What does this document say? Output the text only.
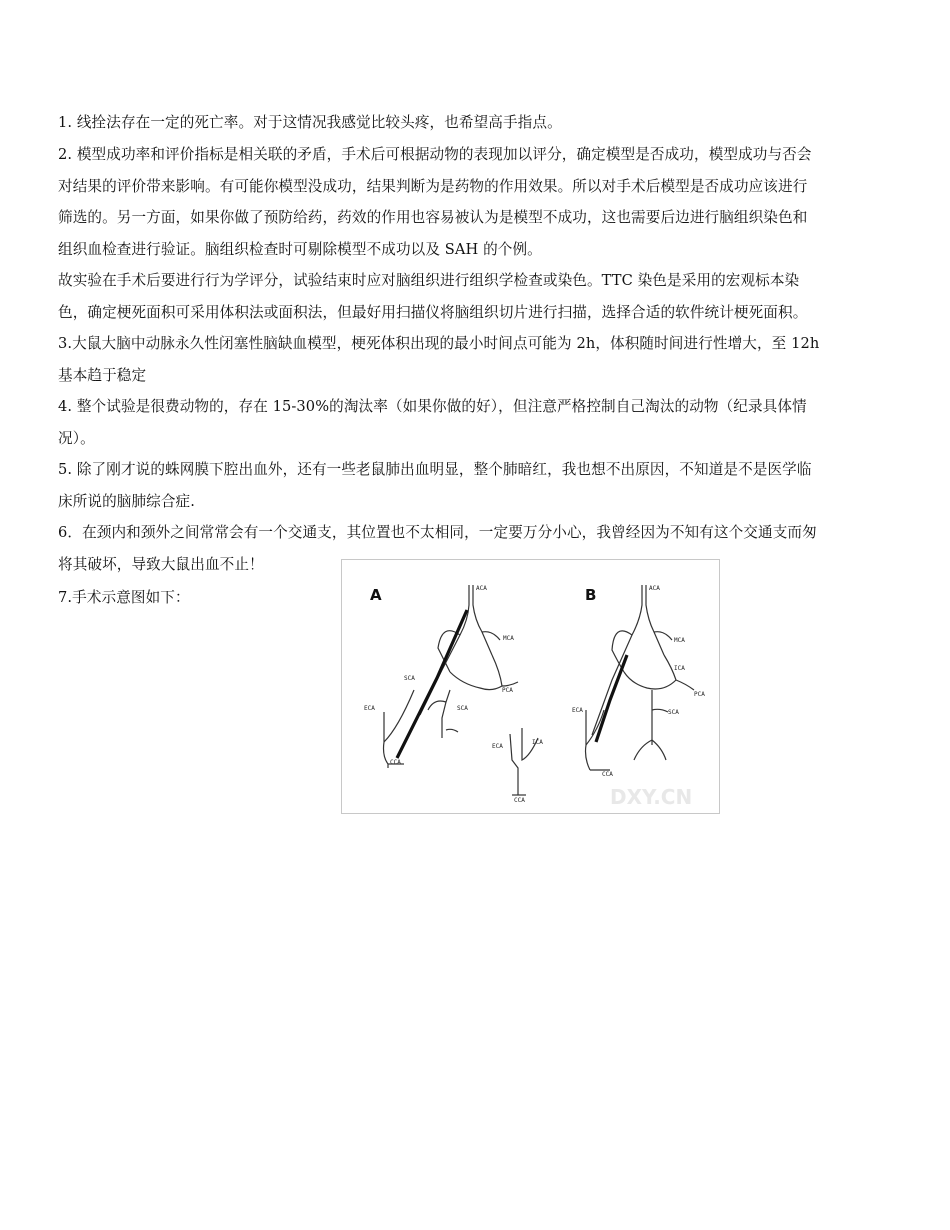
1. 线拴法存在一定的死亡率。对于这情况我感觉比较头疼，也希望高手指点。
2. 模型成功率和评价指标是相关联的矛盾，手术后可根据动物的表现加以评分，确定模型是否成功，模型成功与否会
对结果的评价带来影响。有可能你模型没成功，结果判断为是药物的作用效果。所以对手术后模型是否成功应该进行
筛选的。另一方面，如果你做了预防给药，药效的作用也容易被认为是模型不成功，这也需要后边进行脑组织染色和
组织血检查进行验证。脑组织检查时可剔除模型不成功以及 SAH 的个例。
故实验在手术后要进行行为学评分，试验结束时应对脑组织进行组织学检查或染色。TTC 染色是采用的宏观标本染
色，确定梗死面积可采用体积法或面积法，但最好用扫描仪将脑组织切片进行扫描，选择合适的软件统计梗死面积。
3.大鼠大脑中动脉永久性闭塞性脑缺血模型，梗死体积出现的最小时间点可能为 2h，体积随时间进行性增大，至 12h
基本趋于稳定
4. 整个试验是很费动物的，存在 15-30%的淘汰率（如果你做的好），但注意严格控制自己淘汰的动物（纪录具体情
况）。
5. 除了刚才说的蛛网膜下腔出血外，还有一些老鼠肺出血明显，整个肺暗红，我也想不出原因，不知道是不是医学临
床所说的脑肺综合症.
6．在颈内和颈外之间常常会有一个交通支，其位置也不太相同，一定要万分小心，我曾经因为不知有这个交通支而匆
将其破坏，导致大鼠出血不止！
7.手术示意图如下：	A	ACA
MCA
PCA
SCA
SCA
ECA
CCA
ECA
ICA
CCA
B	ACA
MCA
ICA
PCA
SCA
ECA
CCA
DXY.CN
